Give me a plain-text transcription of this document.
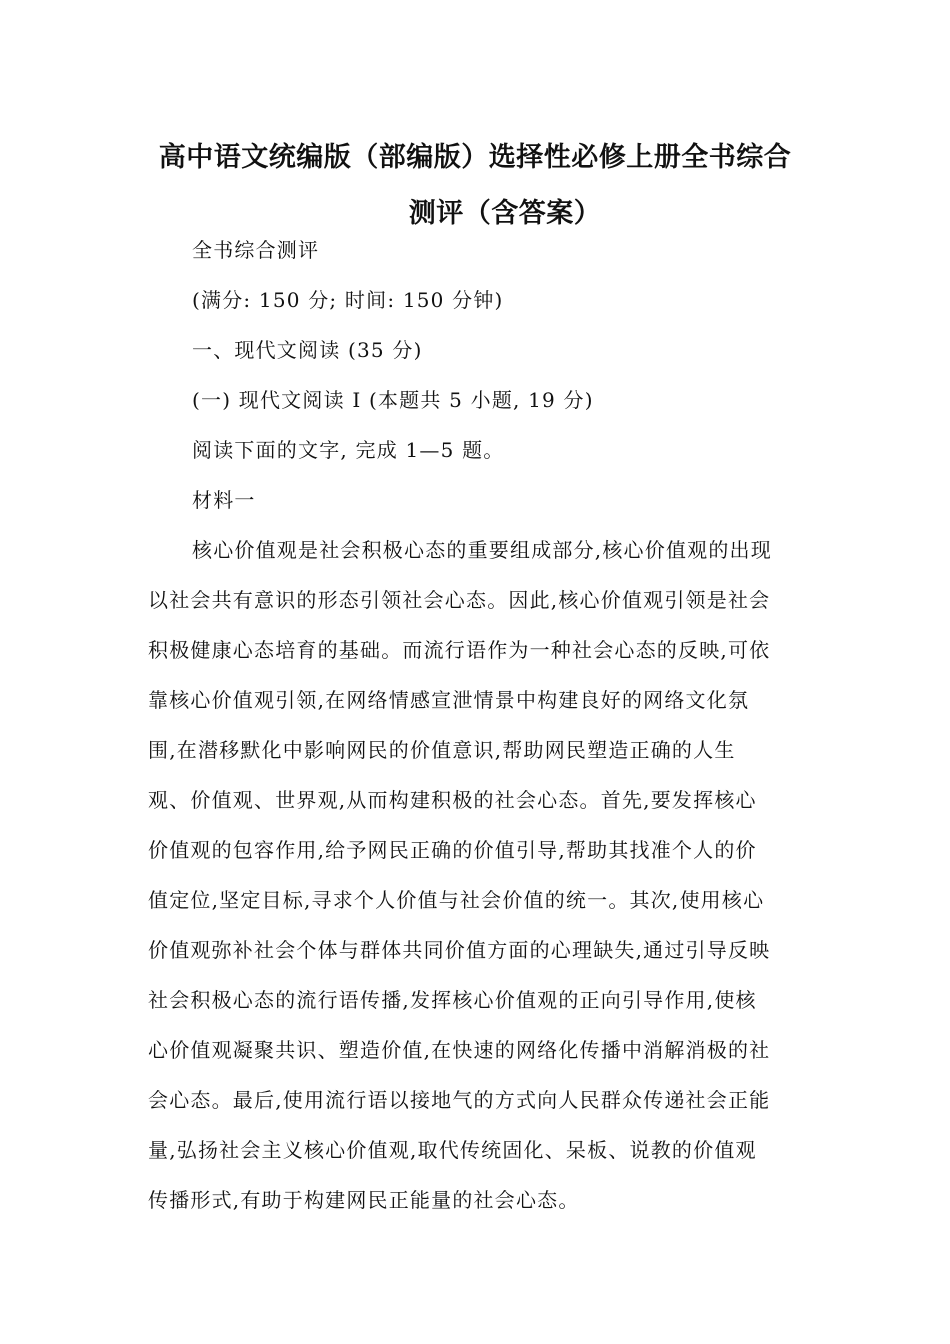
高中语文统编版（部编版）选择性必修上册全书综合
测评（含答案）
全书综合测评
(满分: 150 分; 时间: 150 分钟)
一、现代文阅读 (35 分)
(一) 现代文阅读 I (本题共 5 小题, 19 分)
阅读下面的文字, 完成 1—5 题。
材料一
核心价值观是社会积极心态的重要组成部分,核心价值观的出现
以社会共有意识的形态引领社会心态。因此,核心价值观引领是社会
积极健康心态培育的基础。而流行语作为一种社会心态的反映,可依
靠核心价值观引领,在网络情感宣泄情景中构建良好的网络文化氛
围,在潜移默化中影响网民的价值意识,帮助网民塑造正确的人生
观、价值观、世界观,从而构建积极的社会心态。首先,要发挥核心
价值观的包容作用,给予网民正确的价值引导,帮助其找准个人的价
值定位,坚定目标,寻求个人价值与社会价值的统一。其次,使用核心
价值观弥补社会个体与群体共同价值方面的心理缺失,通过引导反映
社会积极心态的流行语传播,发挥核心价值观的正向引导作用,使核
心价值观凝聚共识、塑造价值,在快速的网络化传播中消解消极的社
会心态。最后,使用流行语以接地气的方式向人民群众传递社会正能
量,弘扬社会主义核心价值观,取代传统固化、呆板、说教的价值观
传播形式,有助于构建网民正能量的社会心态。
